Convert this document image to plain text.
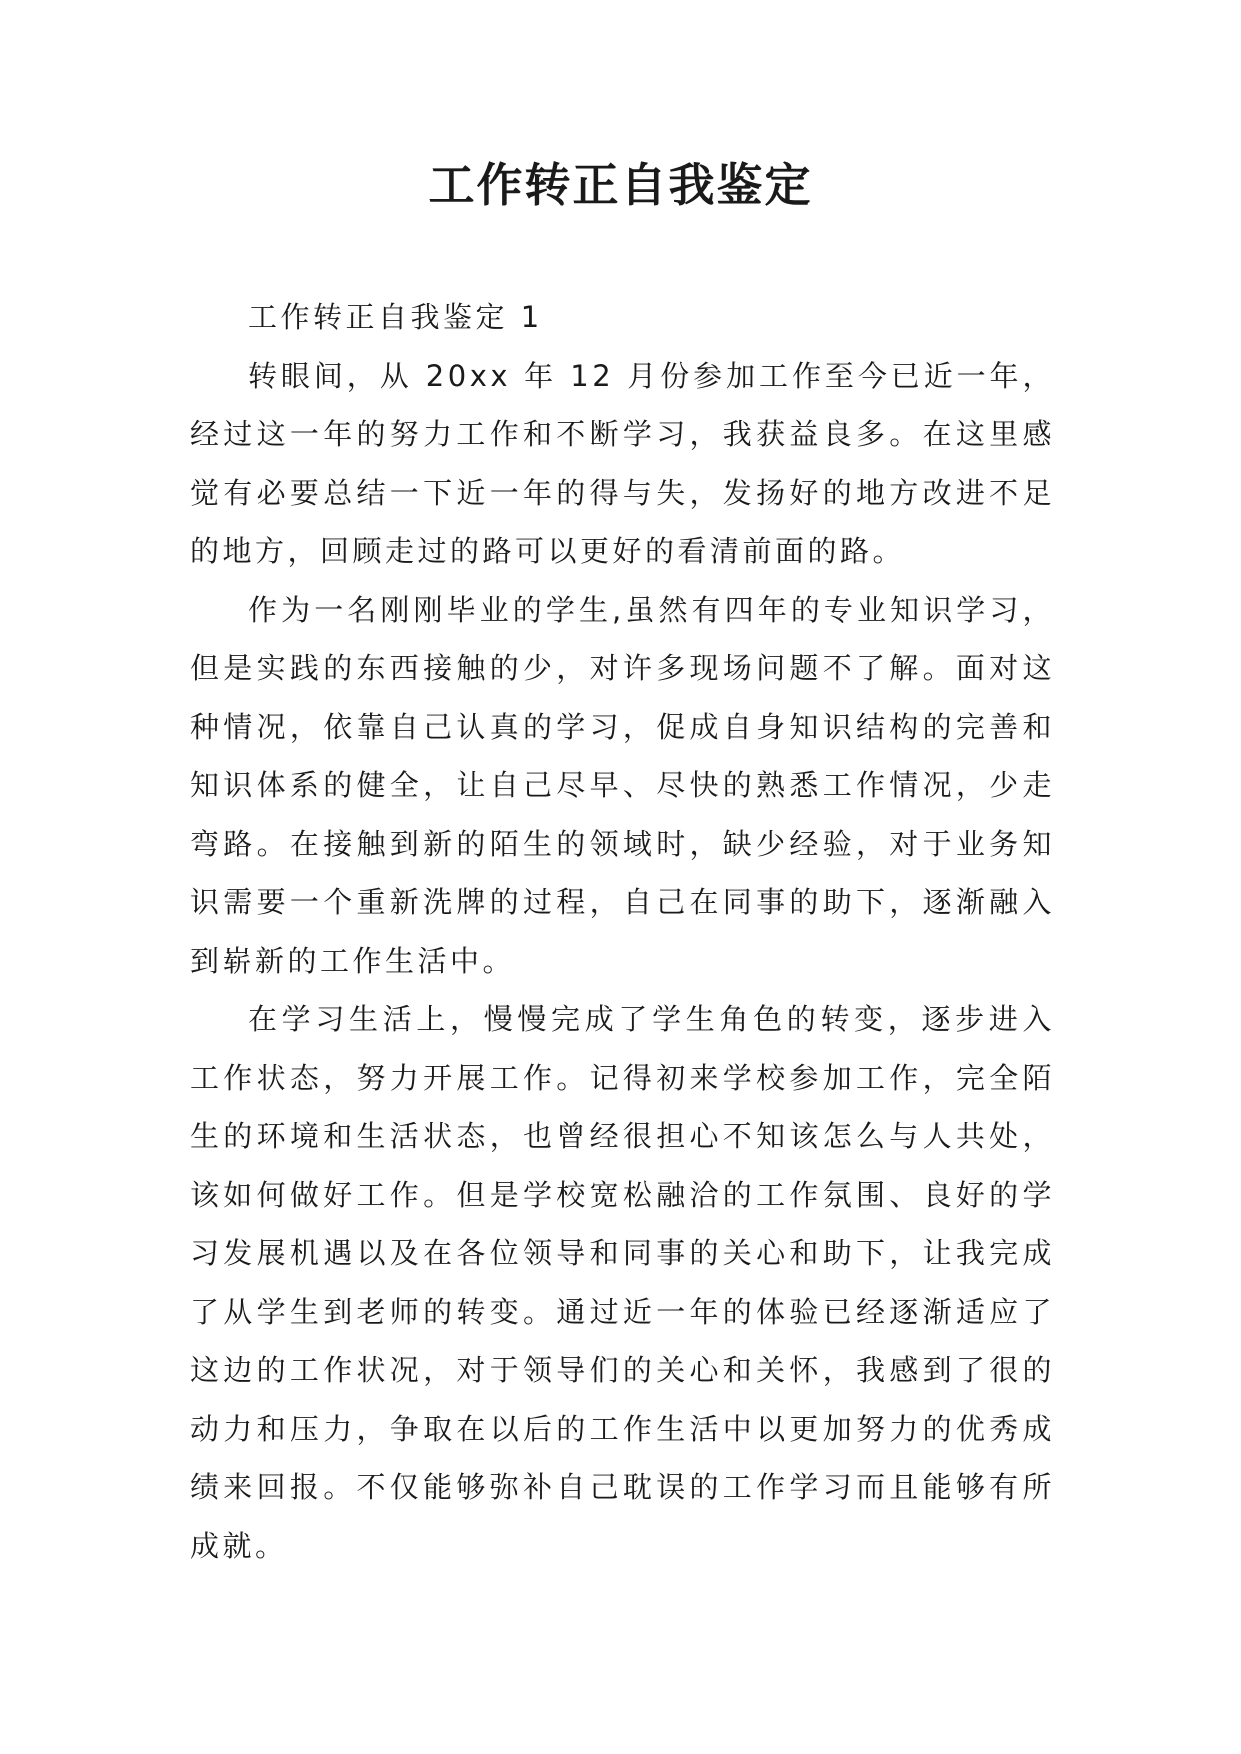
工作转正自我鉴定

工作转正自我鉴定 1

转眼间，从 20xx 年 12 月份参加工作至今已近一年，经过这一年的努力工作和不断学习，我获益良多。在这里感觉有必要总结一下近一年的得与失，发扬好的地方改进不足的地方，回顾走过的路可以更好的看清前面的路。

作为一名刚刚毕业的学生,虽然有四年的专业知识学习，但是实践的东西接触的少，对许多现场问题不了解。面对这种情况，依靠自己认真的学习，促成自身知识结构的完善和知识体系的健全，让自己尽早、尽快的熟悉工作情况，少走弯路。在接触到新的陌生的领域时，缺少经验，对于业务知识需要一个重新洗牌的过程，自己在同事的助下，逐渐融入到崭新的工作生活中。

在学习生活上，慢慢完成了学生角色的转变，逐步进入工作状态，努力开展工作。记得初来学校参加工作，完全陌生的环境和生活状态，也曾经很担心不知该怎么与人共处，该如何做好工作。但是学校宽松融洽的工作氛围、良好的学习发展机遇以及在各位领导和同事的关心和助下，让我完成了从学生到老师的转变。通过近一年的体验已经逐渐适应了这边的工作状况，对于领导们的关心和关怀，我感到了很的动力和压力，争取在以后的工作生活中以更加努力的优秀成绩来回报。不仅能够弥补自己耽误的工作学习而且能够有所成就。
